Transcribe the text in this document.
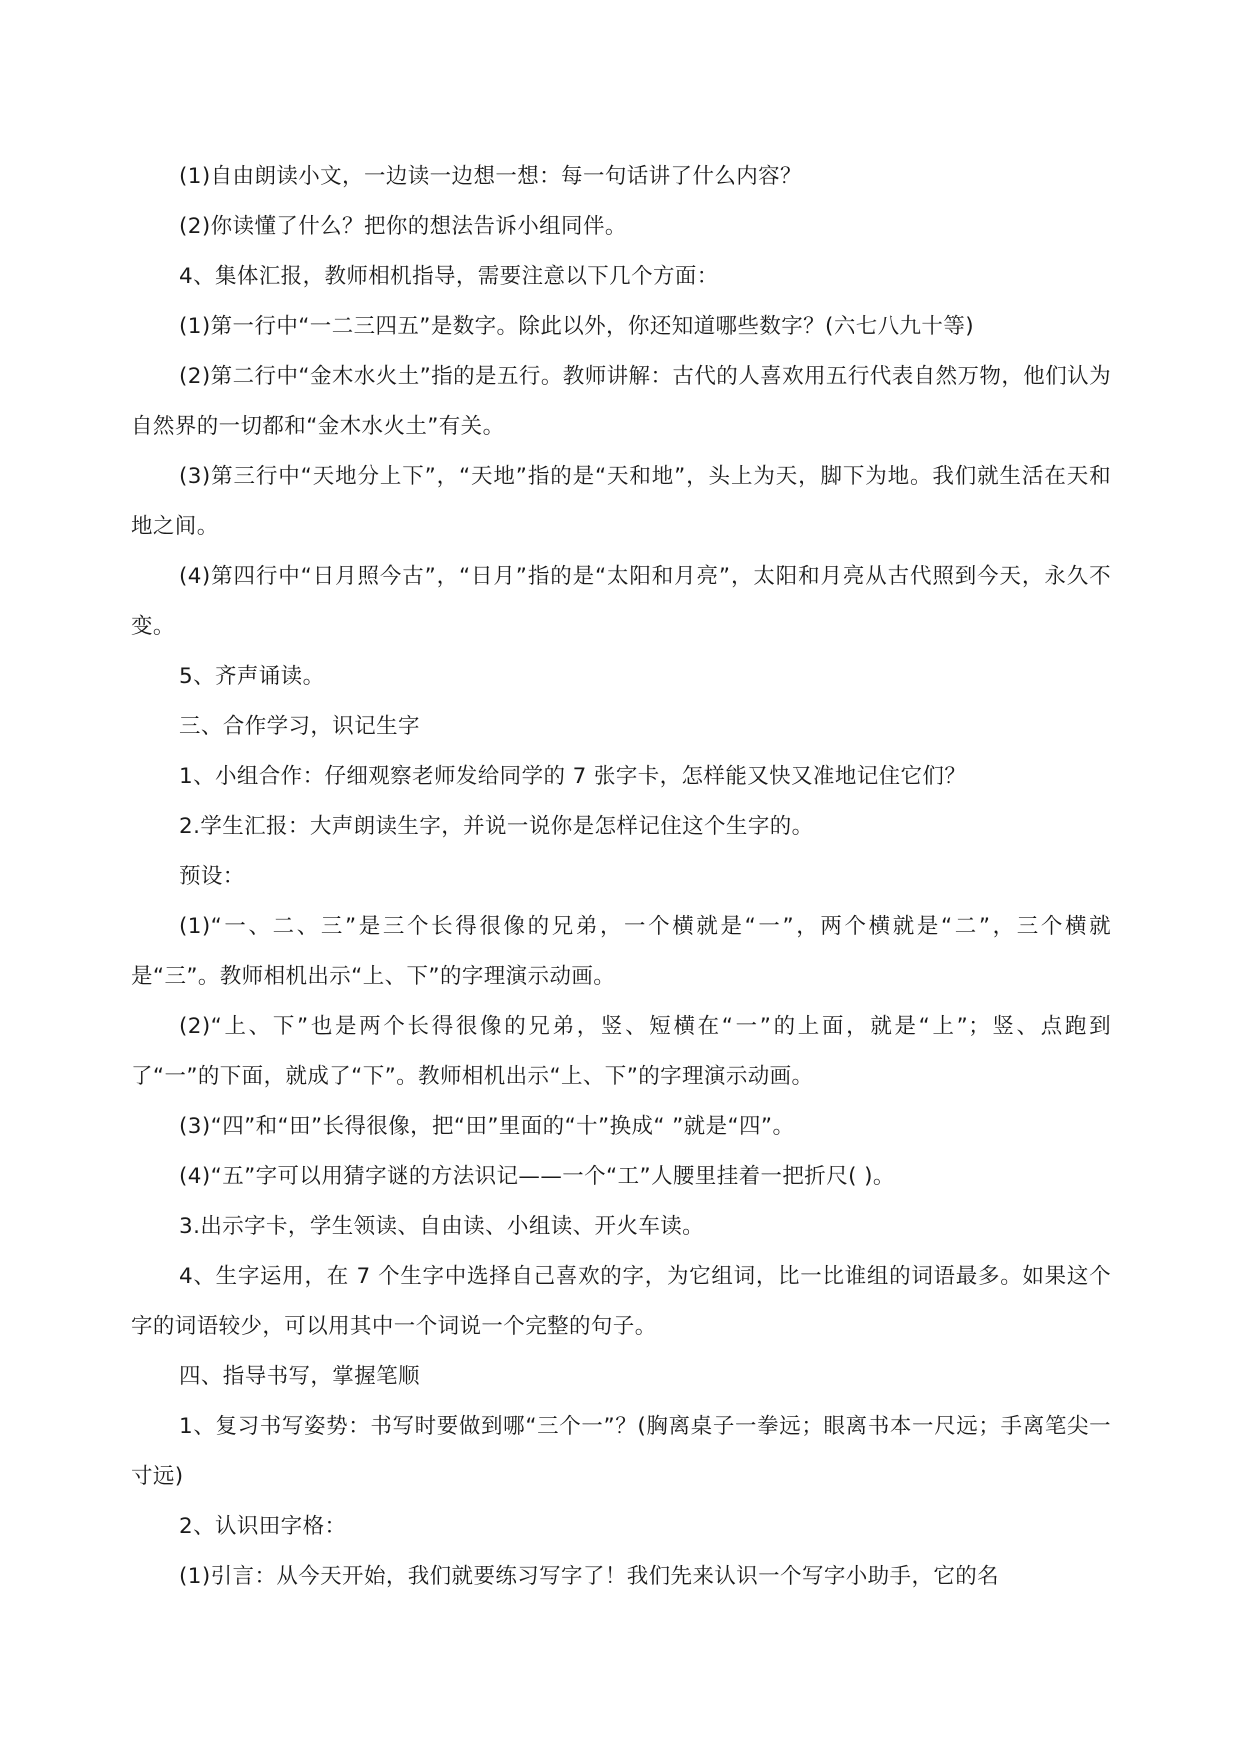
(1)自由朗读小文，一边读一边想一想：每一句话讲了什么内容？

(2)你读懂了什么？把你的想法告诉小组同伴。

4、集体汇报，教师相机指导，需要注意以下几个方面：

(1)第一行中“一二三四五”是数字。除此以外，你还知道哪些数字？(六七八九十等)

(2)第二行中“金木水火土”指的是五行。教师讲解：古代的人喜欢用五行代表自然万物，他们认为自然界的一切都和“金木水火土”有关。

(3)第三行中“天地分上下”，“天地”指的是“天和地”，头上为天，脚下为地。我们就生活在天和地之间。

(4)第四行中“日月照今古”，“日月”指的是“太阳和月亮”，太阳和月亮从古代照到今天，永久不变。

5、齐声诵读。

三、合作学习，识记生字

1、小组合作：仔细观察老师发给同学的 7 张字卡，怎样能又快又准地记住它们？

2.学生汇报：大声朗读生字，并说一说你是怎样记住这个生字的。

预设：

(1)“一、二、三”是三个长得很像的兄弟，一个横就是“一”，两个横就是“二”，三个横就是“三”。教师相机出示“上、下”的字理演示动画。

(2)“上、下”也是两个长得很像的兄弟，竖、短横在“一”的上面，就是“上”；竖、点跑到了“一”的下面，就成了“下”。教师相机出示“上、下”的字理演示动画。

(3)“四”和“田”长得很像，把“田”里面的“十”换成“ ”就是“四”。

(4)“五”字可以用猜字谜的方法识记——一个“工”人腰里挂着一把折尺( )。

3.出示字卡，学生领读、自由读、小组读、开火车读。

4、生字运用，在 7 个生字中选择自己喜欢的字，为它组词，比一比谁组的词语最多。如果这个字的词语较少，可以用其中一个词说一个完整的句子。

四、指导书写，掌握笔顺

1、复习书写姿势：书写时要做到哪“三个一”？(胸离桌子一拳远；眼离书本一尺远；手离笔尖一寸远)

2、认识田字格：

(1)引言：从今天开始，我们就要练习写字了！我们先来认识一个写字小助手，它的名
